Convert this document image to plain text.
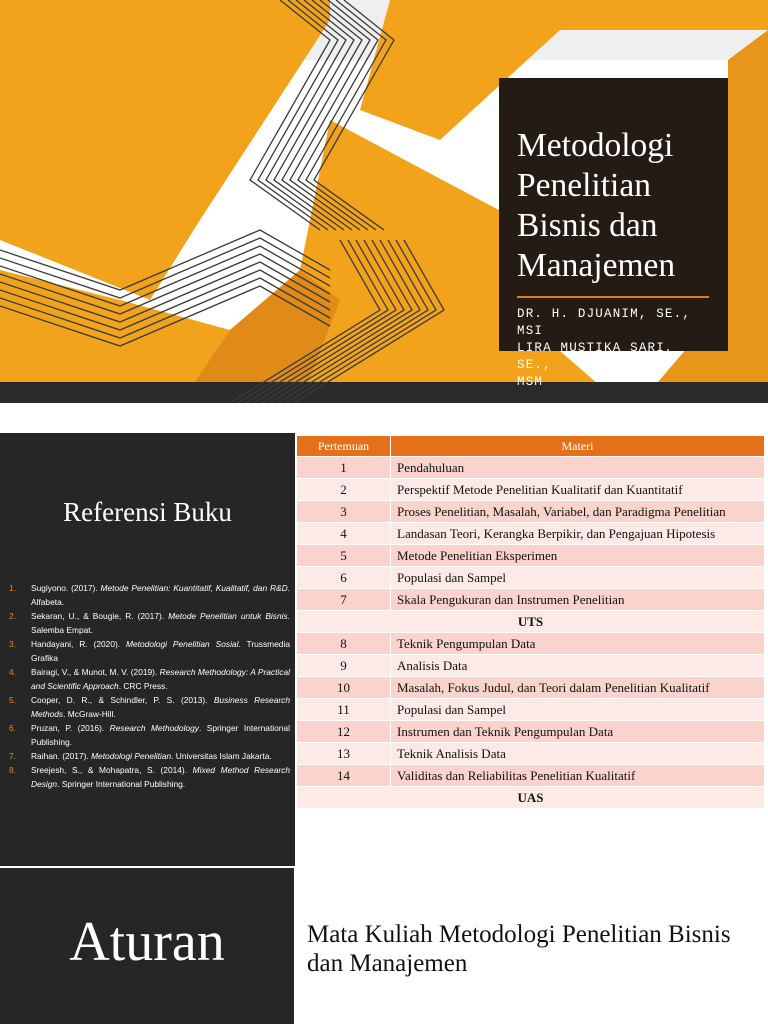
Metodologi Penelitian Bisnis dan Manajemen
DR. H. DJUANIM, SE., MSI
LIRA MUSTIKA SARI, SE.,
MSM
Referensi Buku
1.	Sugiyono. (2017). Metode Penelitian: Kuantitatif, Kualitatif, dan R&D. Alfabeta.
2.	Sekaran, U., & Bougie, R. (2017). Metode Penelitian untuk Bisnis. Salemba Empat.
3.	Handayani, R. (2020). Metodologi Penelitian Sosial. Trussmedia Grafika
4.	Bairagi, V., & Munot, M. V. (2019). Research Methodology: A Practical and Scientific Approach. CRC Press.
5.	Cooper, D. R., & Schindler, P. S. (2013). Business Research Methods. McGraw-Hill.
6.	Pruzan, P. (2016). Research Methodology. Springer International Publishing.
7.	Raihan. (2017). Metodologi Penelitian. Universitas Islam Jakarta.
8.	Sreejesh, S., & Mohapatra, S. (2014). Mixed Method Research Design. Springer International Publishing.
Pertemuan	Materi
1	Pendahuluan
2	Perspektif Metode Penelitian Kualitatif dan Kuantitatif
3	Proses Penelitian, Masalah, Variabel, dan Paradigma Penelitian
4	Landasan Teori, Kerangka Berpikir, dan Pengajuan Hipotesis
5	Metode Penelitian Eksperimen
6	Populasi dan Sampel
7	Skala Pengukuran dan Instrumen Penelitian
UTS	
8	Teknik Pengumpulan Data
9	Analisis Data
10	Masalah, Fokus Judul, dan Teori dalam Penelitian Kualitatif
11	Populasi dan Sampel
12	Instrumen dan Teknik Pengumpulan Data
13	Teknik Analisis Data
14	Validitas dan Reliabilitas Penelitian Kualitatif
UAS	
Aturan	Mata Kuliah Metodologi Penelitian Bisnis dan Manajemen
